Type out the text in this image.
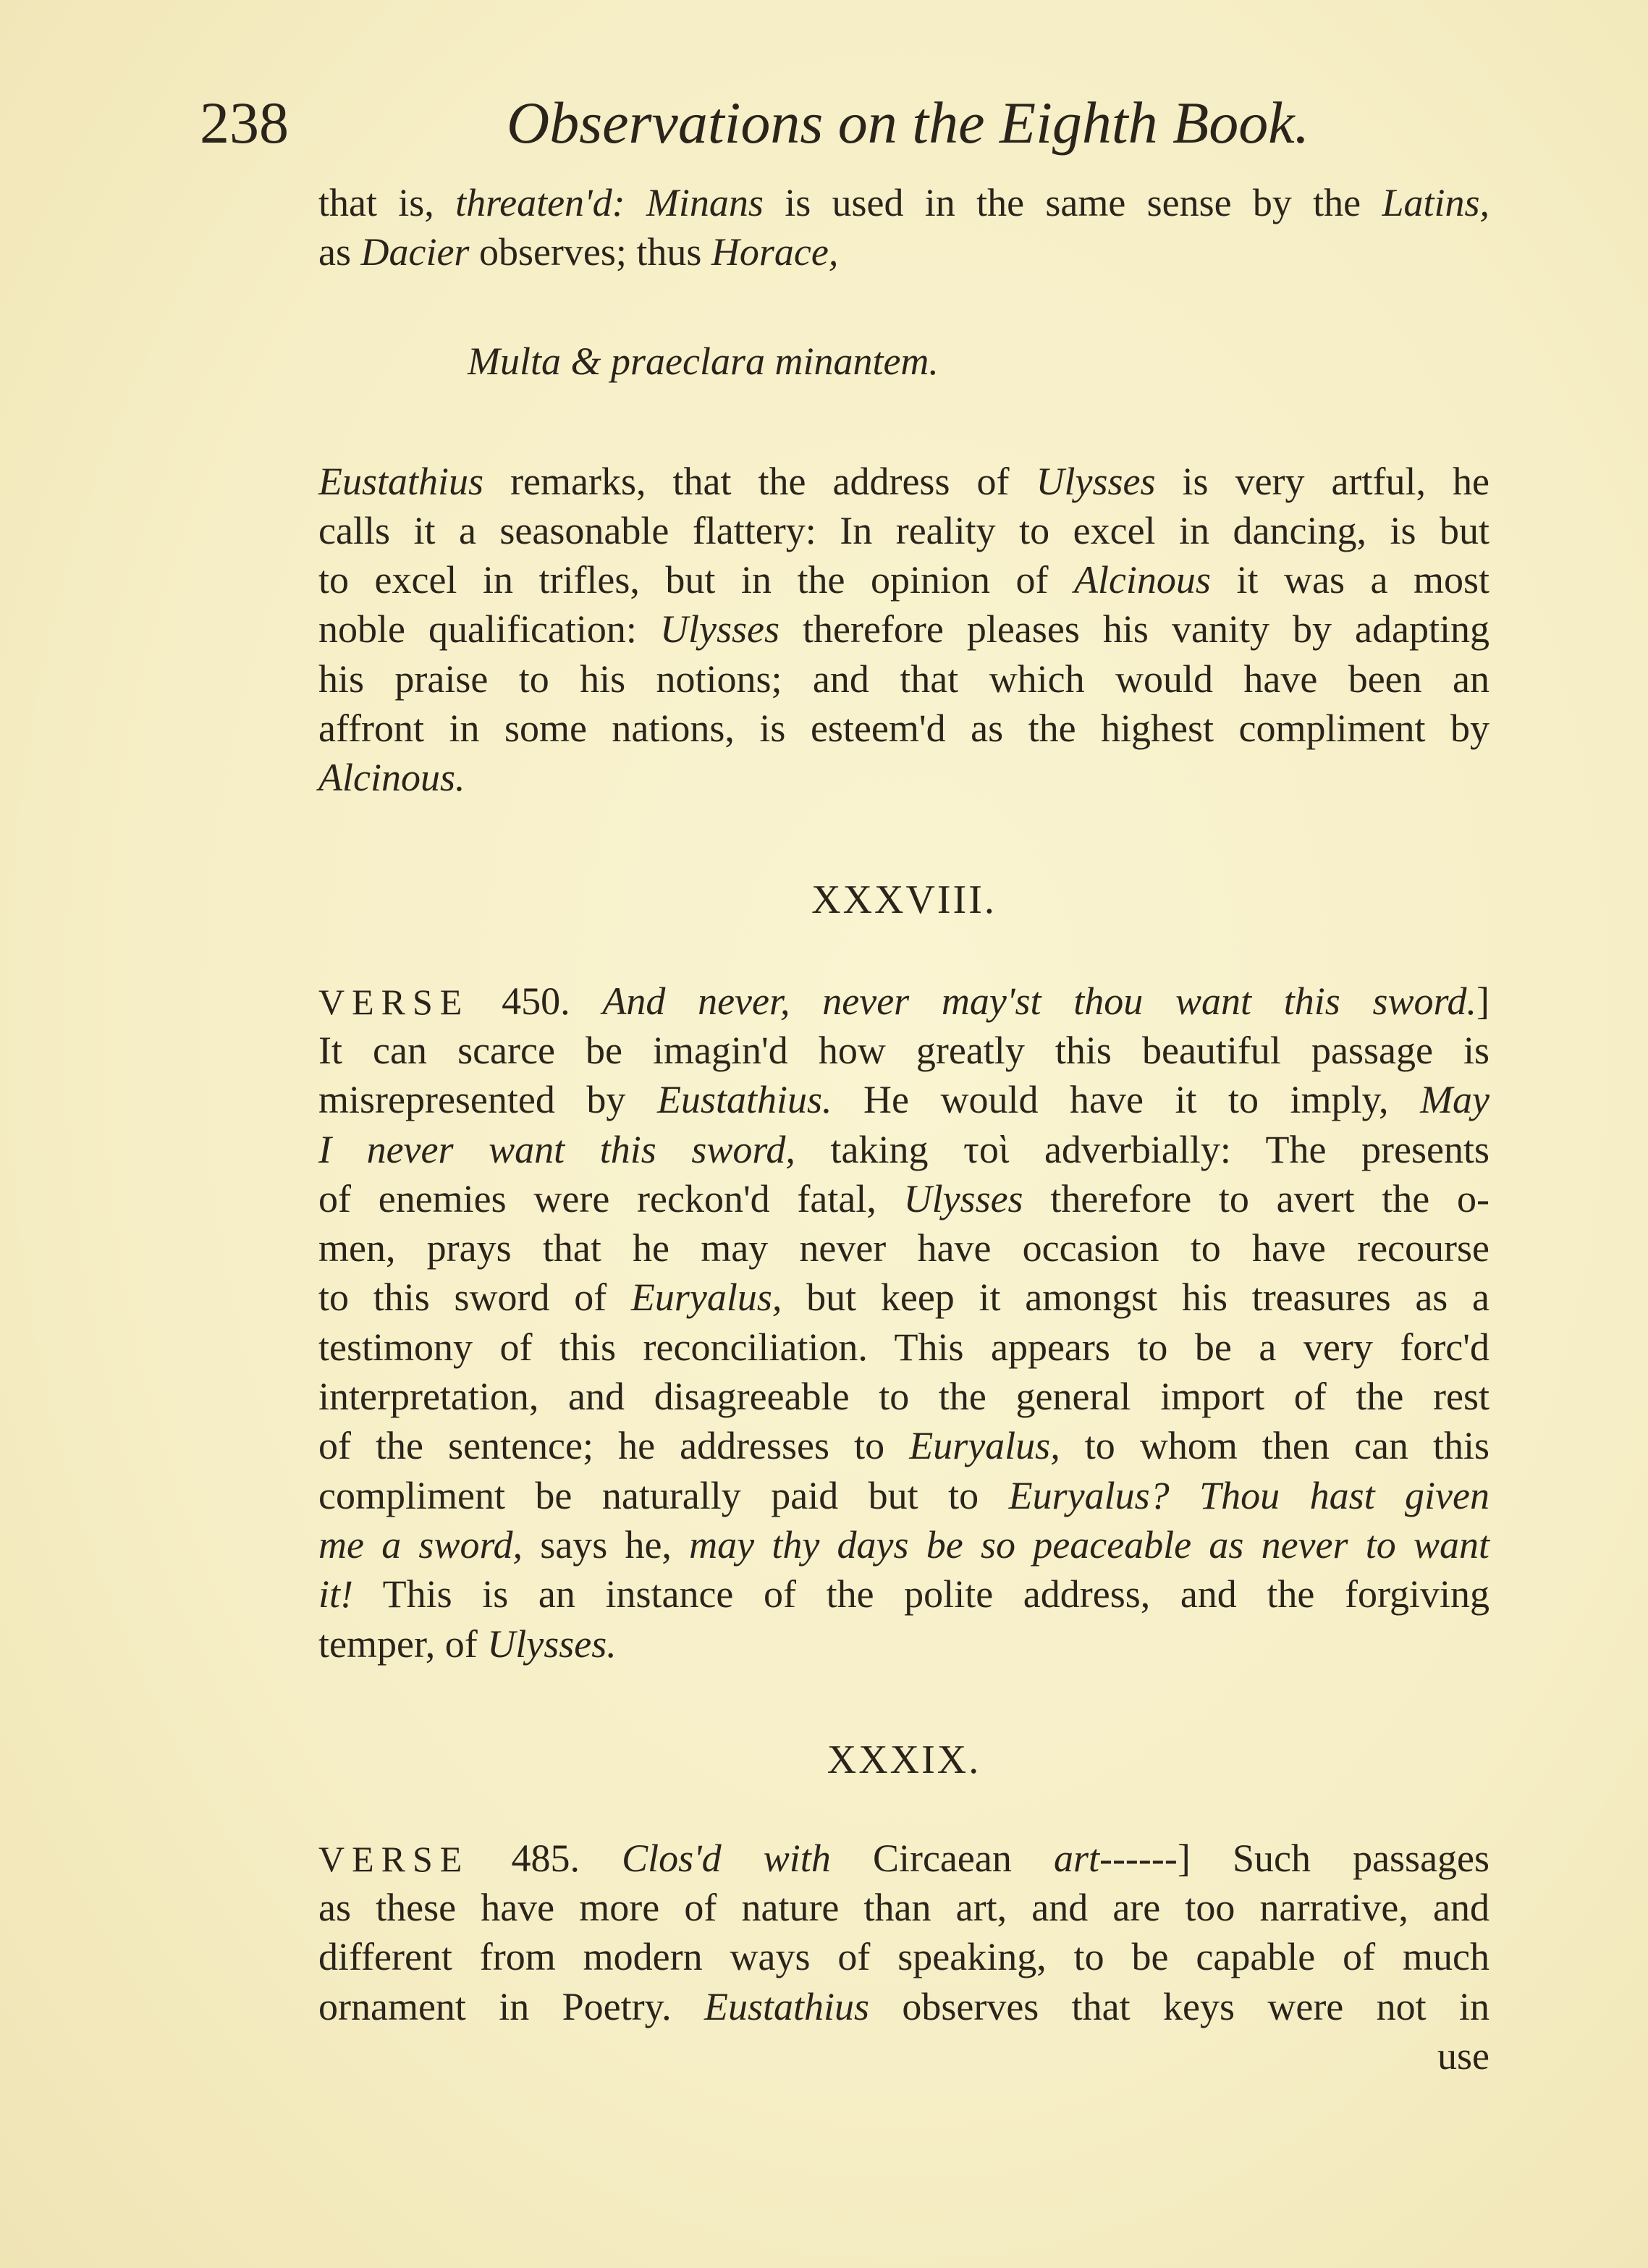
238	Observations on the Eighth Book.
that is, threaten'd: Minans is used in the same sense by the Latins,
as Dacier observes; thus Horace,
Multa & praeclara minantem.
Eustathius remarks, that the address of Ulysses is very artful, he
calls it a seasonable flattery: In reality to excel in dancing, is but
to excel in trifles, but in the opinion of Alcinous it was a most
noble qualification: Ulysses therefore pleases his vanity by adapting
his praise to his notions; and that which would have been an
affront in some nations, is esteem'd as the highest compliment by
Alcinous.
XXXVIII.
VERSE 450. And never, never may'st thou want this sword.]
It can scarce be imagin'd how greatly this beautiful passage is
misrepresented by Eustathius. He would have it to imply, May
I never want this sword, taking τοὶ adverbially: The presents
of enemies were reckon'd fatal, Ulysses therefore to avert the o-
men, prays that he may never have occasion to have recourse
to this sword of Euryalus, but keep it amongst his treasures as a
testimony of this reconciliation. This appears to be a very forc'd
interpretation, and disagreeable to the general import of the rest
of the sentence; he addresses to Euryalus, to whom then can this
compliment be naturally paid but to Euryalus? Thou hast given
me a sword, says he, may thy days be so peaceable as never to want
it! This is an instance of the polite address, and the forgiving
temper, of Ulysses.
XXXIX.
VERSE 485. Clos'd with Circaean art------] Such passages
as these have more of nature than art, and are too narrative, and
different from modern ways of speaking, to be capable of much
ornament in Poetry. Eustathius observes that keys were not in
use
